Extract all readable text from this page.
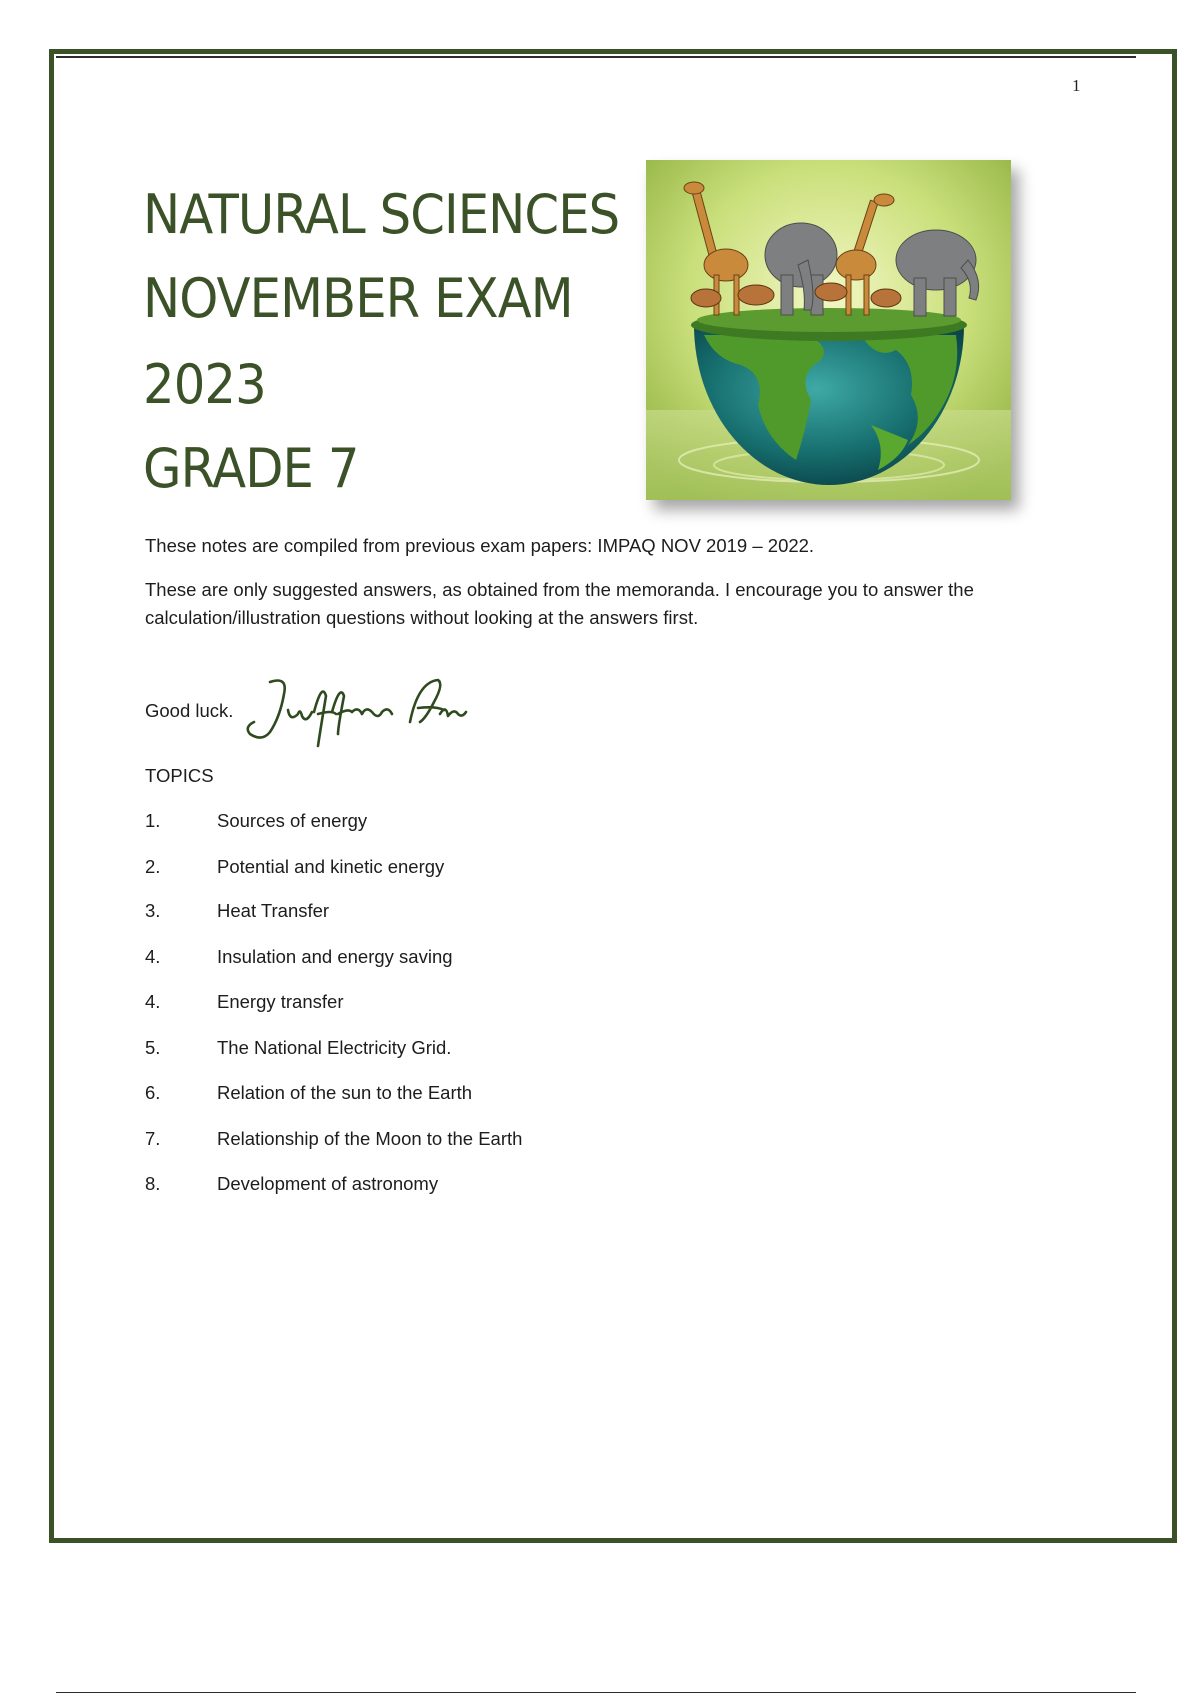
1
NATURAL SCIENCES
NOVEMBER EXAM
2023
GRADE 7
These notes are compiled from previous exam papers: IMPAQ NOV 2019 – 2022.
These are only suggested answers, as obtained from the memoranda. I encourage you to answer the calculation/illustration questions without looking at the answers first.
Good luck.
TOPICS
1.	Sources of energy
2.	Potential and kinetic energy
3.	Heat Transfer
4.	Insulation and energy saving
4.	Energy transfer
5.	The National Electricity Grid.
6.	Relation of the sun to the Earth
7.	Relationship of the Moon to the Earth
8.	Development of astronomy
